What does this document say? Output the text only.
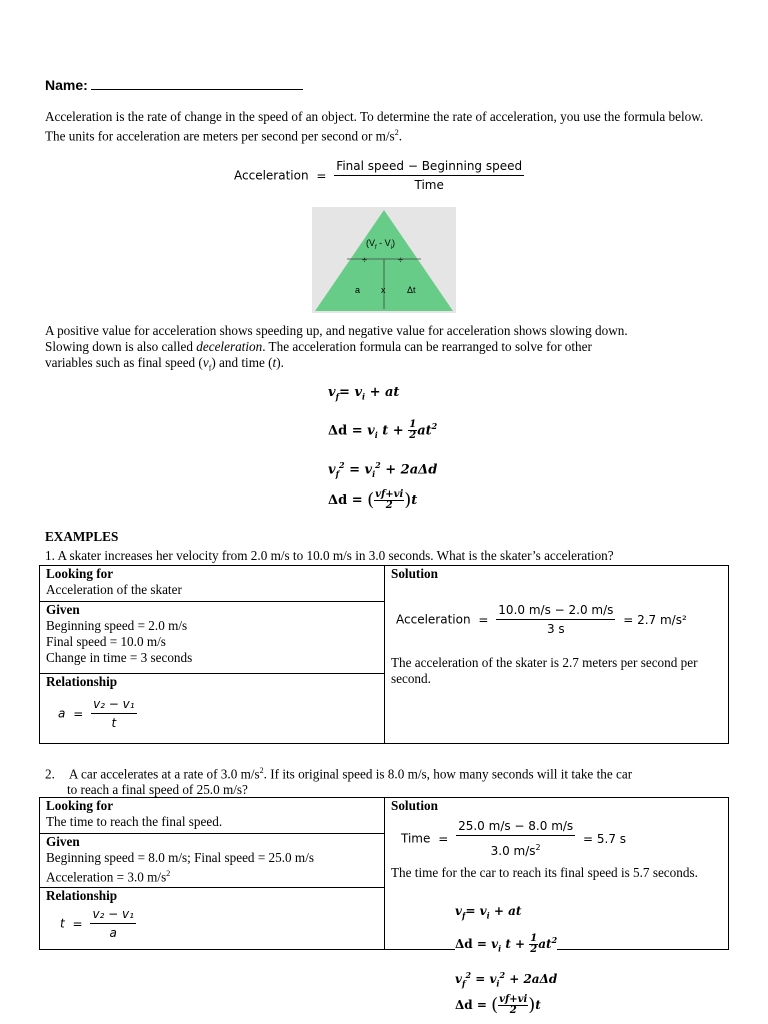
Name:

Acceleration is the rate of change in the speed of an object. To determine the rate of acceleration, you use the formula below. The units for acceleration are meters per second per second or $m/s^2$.

Acceleration = $\frac{\text{Final speed − Beginning speed}}{\text{Time}}$
$(V_f - V_i)$
÷	÷
a x Δt

A positive value for acceleration shows speeding up, and negative value for acceleration shows slowing down.
Slowing down is also called deceleration. The acceleration formula can be rearranged to solve for other
variables such as final speed $(v_f)$ and time (t).

$v_f= v_i$ + at
$\Delta d = v_i$ $t + \frac{1}{2}at^2$
$v_f^2 = v_i^2 + 2a\Delta d$
Δd = ( $\frac{vf+vi}{2})t$
EXAMPLES
1. A skater increases her velocity from 2.0 m/s to 10.0 m/s in 3.0 seconds. What is the skater’s acceleration?
Looking for
Acceleration of the skater

Solution
Acceleration = $\frac{10.0 m/s - 2.0 m/s}{3 s} = 2.7$ m/s²
The acceleration of the skater is 2.7 meters per second per second.

Given
Beginning speed = 2.0 m/s
Final speed = 10.0 m/s
Change in time = 3 seconds

Relationship
$a = \frac{\text{v₂ − v₁}}{t}$
2. A car accelerates at a rate of 3.0 $m/s^2$. If its original speed is 8.0 m/s, how many seconds will it take the car
to reach a final speed of 25.0 m/s?
Looking for
The time to reach the final speed.

Solution
Time = $\frac{25.0 m/s - 8.0 m/s}{3.0 m/s^2} = 5.7$ s
The time for the car to reach its final speed is 5.7 seconds.

Given
Beginning speed = 8.0 m/s; Final speed = 25.0 m/s
Acceleration = 3.0 $m/s^2$

Relationship
$t = \frac{\text{v₂ − v₁}}{a}$	$v_f= v_i$ + at
$\Delta d = v_i$ $t + \frac{1}{2}at^2$
$v_f^2 = v_i^2 + 2a\Delta d$
Δd = ( $\frac{vf+vi}{2})t$
